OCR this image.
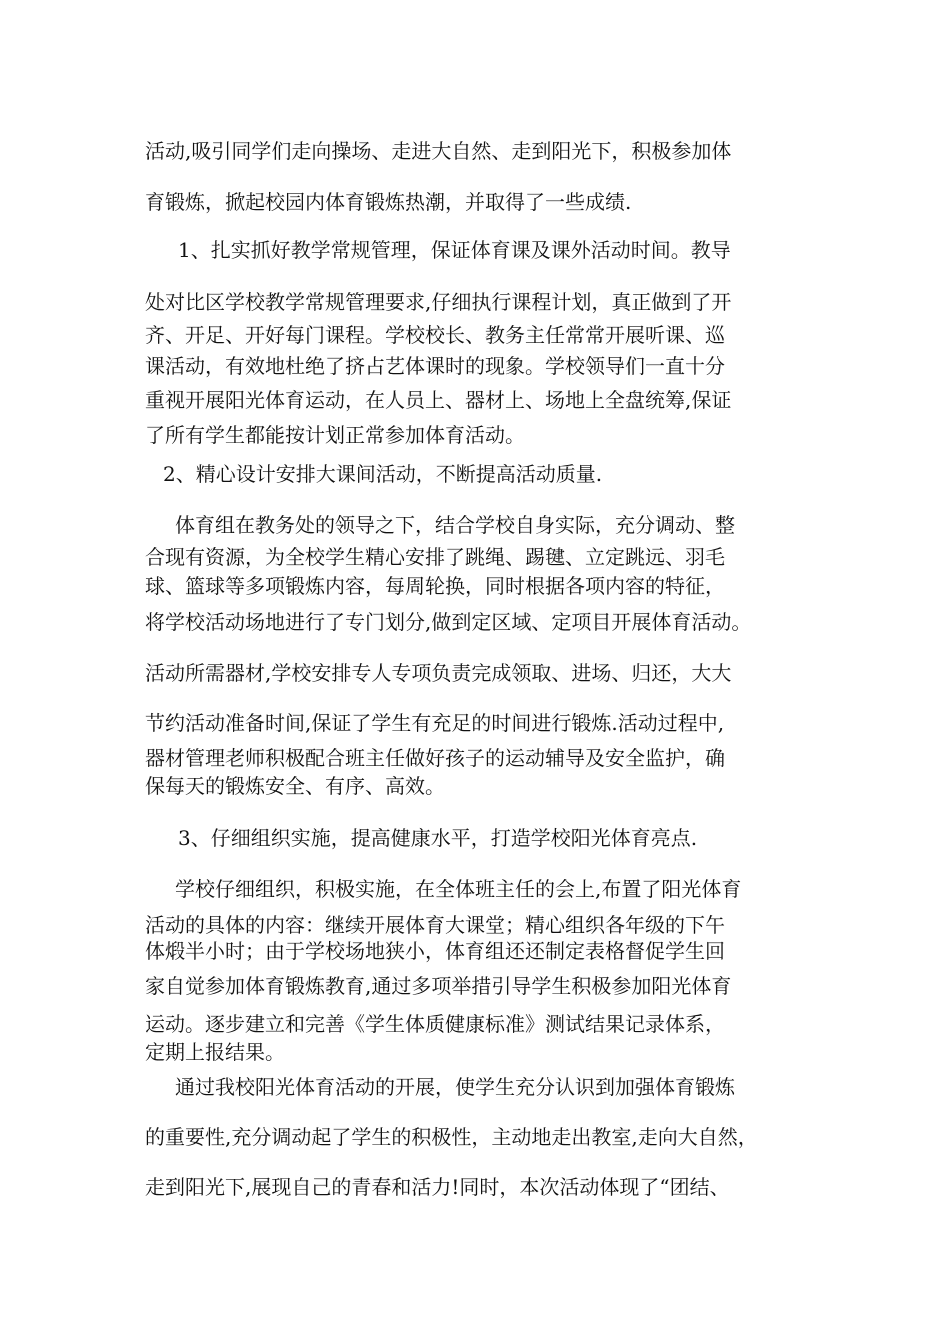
活动,吸引同学们走向操场、走进大自然、走到阳光下，积极参加体
育锻炼，掀起校园内体育锻炼热潮，并取得了一些成绩.
1、扎实抓好教学常规管理，保证体育课及课外活动时间。教导
处对比区学校教学常规管理要求,仔细执行课程计划，真正做到了开
齐、开足、开好每门课程。学校校长、教务主任常常开展听课、巡
课活动，有效地杜绝了挤占艺体课时的现象。学校领导们一直十分
重视开展阳光体育运动，在人员上、器材上、场地上全盘统筹,保证
了所有学生都能按计划正常参加体育活动。
2、精心设计安排大课间活动，不断提高活动质量.
体育组在教务处的领导之下，结合学校自身实际，充分调动、整
合现有资源，为全校学生精心安排了跳绳、踢毽、立定跳远、羽毛
球、篮球等多项锻炼内容，每周轮换，同时根据各项内容的特征，
将学校活动场地进行了专门划分,做到定区域、定项目开展体育活动。
活动所需器材,学校安排专人专项负责完成领取、进场、归还，大大
节约活动准备时间,保证了学生有充足的时间进行锻炼.活动过程中,
器材管理老师积极配合班主任做好孩子的运动辅导及安全监护，确
保每天的锻炼安全、有序、高效。
3、仔细组织实施，提高健康水平，打造学校阳光体育亮点.
学校仔细组织，积极实施，在全体班主任的会上,布置了阳光体育
活动的具体的内容：继续开展体育大课堂；精心组织各年级的下午
体煅半小时；由于学校场地狭小，体育组还还制定表格督促学生回
家自觉参加体育锻炼教育,通过多项举措引导学生积极参加阳光体育
运动。逐步建立和完善《学生体质健康标准》测试结果记录体系，
定期上报结果。
通过我校阳光体育活动的开展，使学生充分认识到加强体育锻炼
的重要性,充分调动起了学生的积极性，主动地走出教室,走向大自然，
走到阳光下,展现自己的青春和活力!同时，本次活动体现了“团结、
